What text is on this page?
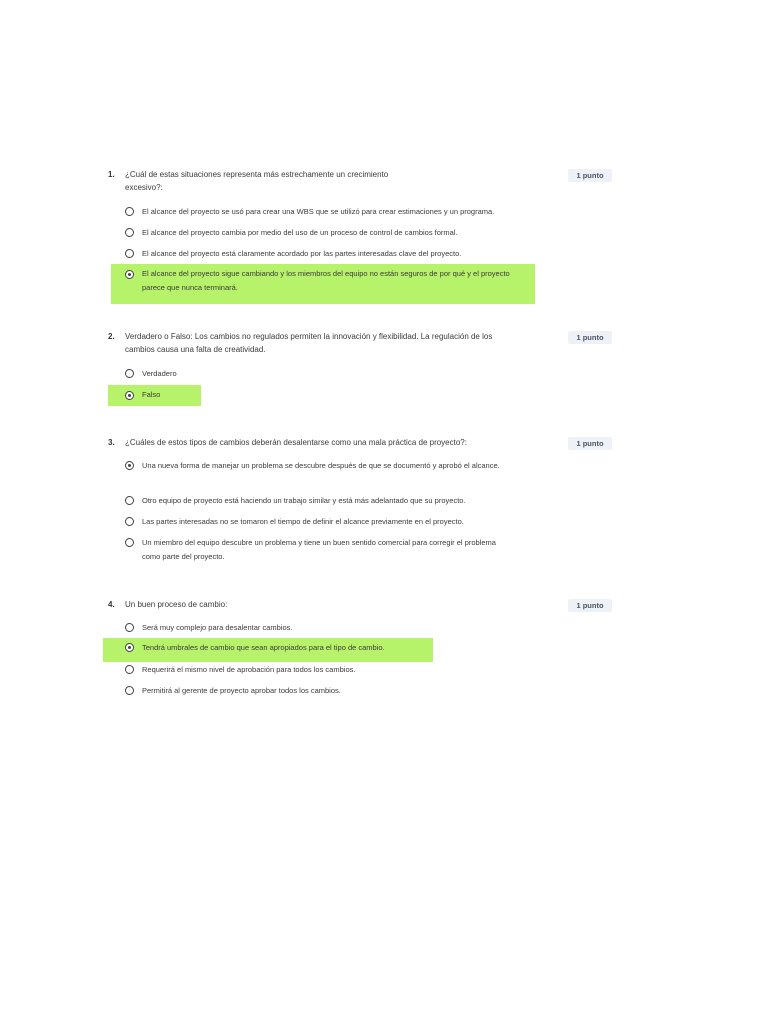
1. ¿Cuál de estas situaciones representa más estrechamente un crecimiento excesivo?:
1 punto
El alcance del proyecto se usó para crear una WBS que se utilizó para crear estimaciones y un programa.
El alcance del proyecto cambia por medio del uso de un proceso de control de cambios formal.
El alcance del proyecto está claramente acordado por las partes interesadas clave del proyecto.
El alcance del proyecto sigue cambiando y los miembros del equipo no están seguros de por qué y el proyecto parece que nunca terminará.
2. Verdadero o Falso: Los cambios no regulados permiten la innovación y flexibilidad. La regulación de los cambios causa una falta de creatividad.
1 punto
Verdadero
Falso
3. ¿Cuáles de estos tipos de cambios deberán desalentarse como una mala práctica de proyecto?:	1 punto
Una nueva forma de manejar un problema se descubre después de que se documentó y aprobó el alcance.
Otro equipo de proyecto está haciendo un trabajo similar y está más adelantado que su proyecto.
Las partes interesadas no se tomaron el tiempo de definir el alcance previamente en el proyecto.
Un miembro del equipo descubre un problema y tiene un buen sentido comercial para corregir el problema como parte del proyecto.
4. Un buen proceso de cambio:	1 punto
Será muy complejo para desalentar cambios.
Tendrá umbrales de cambio que sean apropiados para el tipo de cambio.
Requerirá el mismo nivel de aprobación para todos los cambios.
Permitirá al gerente de proyecto aprobar todos los cambios.
